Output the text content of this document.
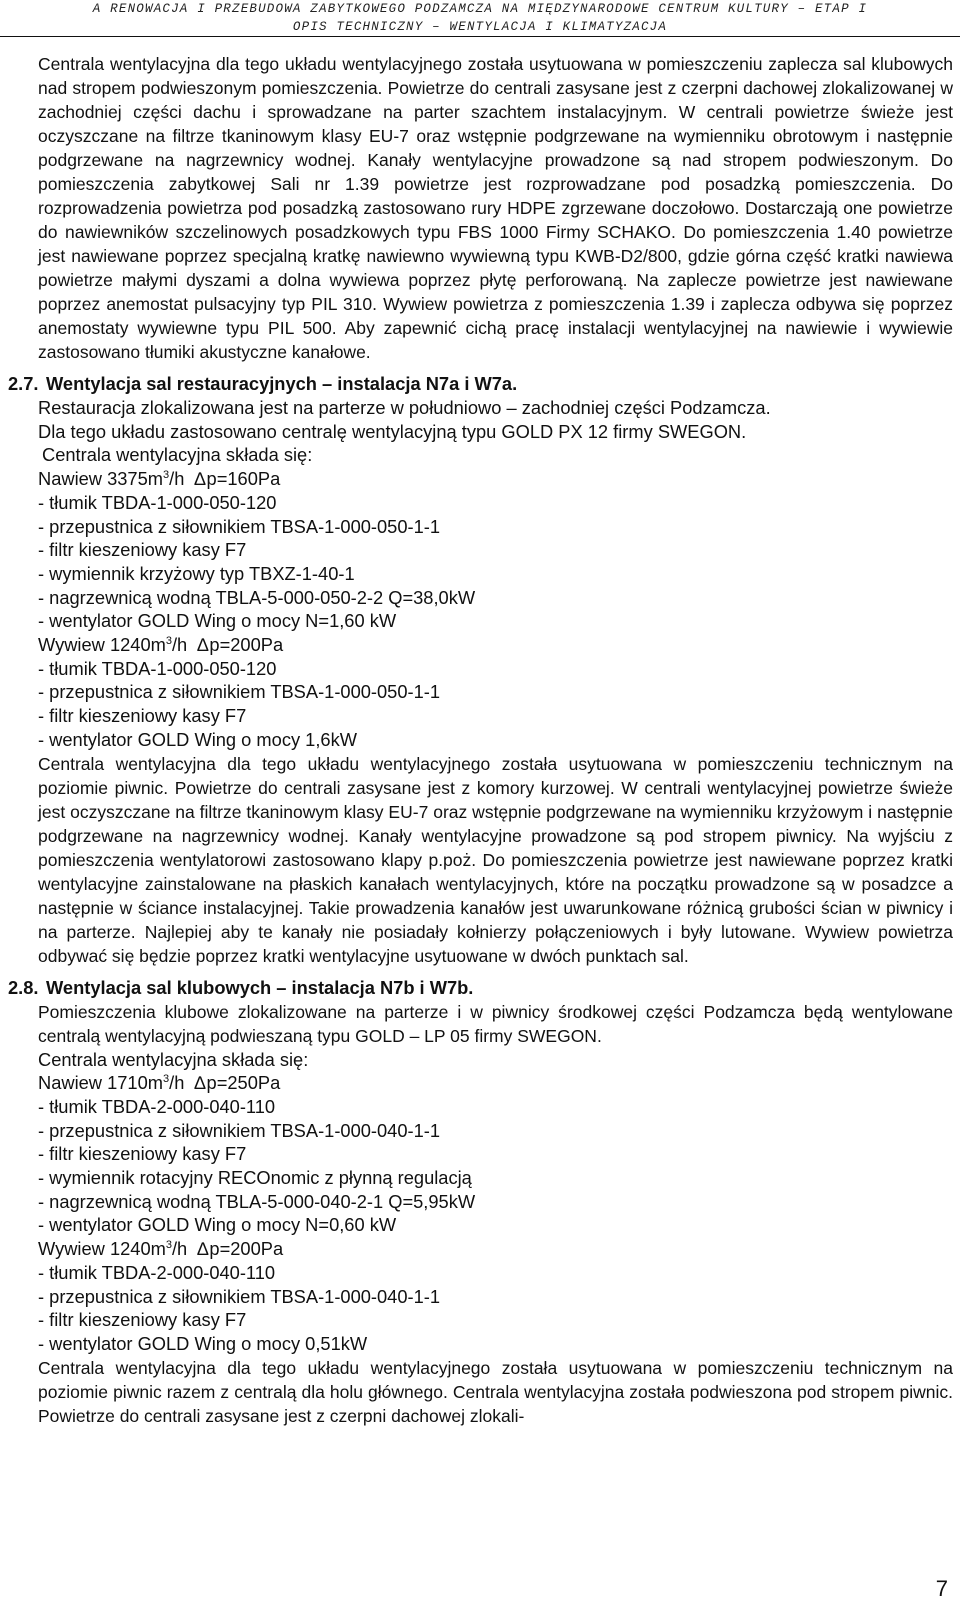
A RENOWACJA I PRZEBUDOWA ZABYTKOWEGO PODZAMCZA NA MIĘDZYNARODOWE CENTRUM KULTURY – ETAP I
OPIS TECHNICZNY – WENTYLACJA I KLIMATYZACJA

Centrala wentylacyjna dla tego układu wentylacyjnego została usytuowana w pomieszczeniu zaplecza sal klubowych nad stropem podwieszonym pomieszczenia. Powietrze do centrali zasysane jest z czerpni dachowej zlokalizowanej w zachodniej części dachu i sprowadzane na parter szachtem instalacyjnym. W centrali powietrze świeże jest oczyszczane na filtrze tkaninowym klasy EU-7 oraz wstępnie podgrzewane na wymienniku obrotowym i następnie podgrzewane na nagrzewnicy wodnej. Kanały wentylacyjne prowadzone są nad stropem podwieszonym. Do pomieszczenia zabytkowej Sali nr 1.39 powietrze jest rozprowadzane pod posadzką pomieszczenia. Do rozprowadzenia powietrza pod posadzką zastosowano rury HDPE zgrzewane doczołowo. Dostarczają one powietrze do nawiewników szczelinowych posadzkowych typu FBS 1000 Firmy SCHAKO. Do pomieszczenia 1.40 powietrze jest nawiewane poprzez specjalną kratkę nawiewno wywiewną typu KWB-D2/800, gdzie górna część kratki nawiewa powietrze małymi dyszami a dolna wywiewa poprzez płytę perforowaną. Na zaplecze powietrze jest nawiewane poprzez anemostat pulsacyjny typ PIL 310. Wywiew powietrza z pomieszczenia 1.39 i zaplecza odbywa się poprzez anemostaty wywiewne typu PIL 500. Aby zapewnić cichą pracę instalacji wentylacyjnej na nawiewie i wywiewie zastosowano tłumiki akustyczne kanałowe.

2.7. Wentylacja sal restauracyjnych – instalacja N7a i W7a.

Restauracja zlokalizowana jest na parterze w południowo – zachodniej części Podzamcza.

Dla tego układu zastosowano centralę wentylacyjną typu GOLD PX 12 firmy SWEGON.

Centrala wentylacyjna składa się:

Nawiew $3375m^3/h$ ∆p=160Pa

- tłumik TBDA-1-000-050-120

- przepustnica z siłownikiem TBSA-1-000-050-1-1

- filtr kieszeniowy kasy F7

- wymiennik krzyżowy typ TBXZ-1-40-1

- nagrzewnicą wodną TBLA-5-000-050-2-2 Q=38,0kW

- wentylator GOLD Wing o mocy N=1,60 kW

Wywiew $1240m^3/h$ ∆p=200Pa

- tłumik TBDA-1-000-050-120

- przepustnica z siłownikiem TBSA-1-000-050-1-1

- filtr kieszeniowy kasy F7

- wentylator GOLD Wing o mocy 1,6kW

Centrala wentylacyjna dla tego układu wentylacyjnego została usytuowana w pomieszczeniu technicznym na poziomie piwnic. Powietrze do centrali zasysane jest z komory kurzowej. W centrali wentylacyjnej powietrze świeże jest oczyszczane na filtrze tkaninowym klasy EU-7 oraz wstępnie podgrzewane na wymienniku krzyżowym i następnie podgrzewane na nagrzewnicy wodnej. Kanały wentylacyjne prowadzone są pod stropem piwnicy. Na wyjściu z pomieszczenia wentylatorowi zastosowano klapy p.poż. Do pomieszczenia powietrze jest nawiewane poprzez kratki wentylacyjne zainstalowane na płaskich kanałach wentylacyjnych, które na początku prowadzone są w posadzce a następnie w ściance instalacyjnej. Takie prowadzenia kanałów jest uwarunkowane różnicą grubości ścian w piwnicy i na parterze. Najlepiej aby te kanały nie posiadały kołnierzy połączeniowych i były lutowane. Wywiew powietrza odbywać się będzie poprzez kratki wentylacyjne usytuowane w dwóch punktach sal.

2.8. Wentylacja sal klubowych – instalacja N7b i W7b.

Pomieszczenia klubowe zlokalizowane na parterze i w piwnicy środkowej części Podzamcza będą wentylowane centralą wentylacyjną podwieszaną typu GOLD – LP 05 firmy SWEGON.

Centrala wentylacyjna składa się:

Nawiew $1710m^3/h$ ∆p=250Pa

- tłumik TBDA-2-000-040-110

- przepustnica z siłownikiem TBSA-1-000-040-1-1

- filtr kieszeniowy kasy F7

- wymiennik rotacyjny RECOnomic z płynną regulacją

- nagrzewnicą wodną TBLA-5-000-040-2-1 Q=5,95kW

- wentylator GOLD Wing o mocy N=0,60 kW

Wywiew $1240m^3/h$ ∆p=200Pa

- tłumik TBDA-2-000-040-110

- przepustnica z siłownikiem TBSA-1-000-040-1-1

- filtr kieszeniowy kasy F7

- wentylator GOLD Wing o mocy 0,51kW

Centrala wentylacyjna dla tego układu wentylacyjnego została usytuowana w pomieszczeniu technicznym na poziomie piwnic razem z centralą dla holu głównego. Centrala wentylacyjna została podwieszona pod stropem piwnic. Powietrze do centrali zasysane jest z czerpni dachowej zlokali-

7
